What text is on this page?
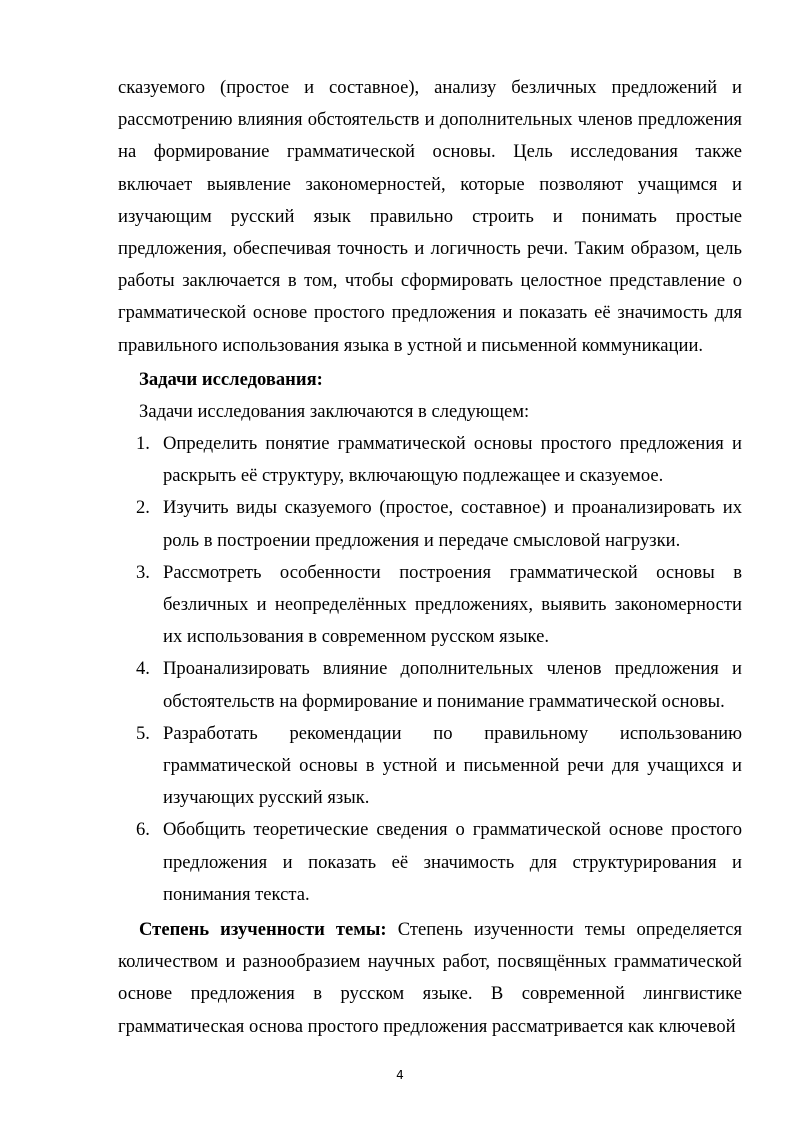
сказуемого (простое и составное), анализу безличных предложений и рассмотрению влияния обстоятельств и дополнительных членов предложения на формирование грамматической основы. Цель исследования также включает выявление закономерностей, которые позволяют учащимся и изучающим русский язык правильно строить и понимать простые предложения, обеспечивая точность и логичность речи. Таким образом, цель работы заключается в том, чтобы сформировать целостное представление о грамматической основе простого предложения и показать её значимость для правильного использования языка в устной и письменной коммуникации.

Задачи исследования:

Задачи исследования заключаются в следующем:

1. Определить понятие грамматической основы простого предложения и раскрыть её структуру, включающую подлежащее и сказуемое.
2. Изучить виды сказуемого (простое, составное) и проанализировать их роль в построении предложения и передаче смысловой нагрузки.
3. Рассмотреть особенности построения грамматической основы в безличных и неопределённых предложениях, выявить закономерности их использования в современном русском языке.
4. Проанализировать влияние дополнительных членов предложения и обстоятельств на формирование и понимание грамматической основы.
5. Разработать рекомендации по правильному использованию грамматической основы в устной и письменной речи для учащихся и изучающих русский язык.
6. Обобщить теоретические сведения о грамматической основе простого предложения и показать её значимость для структурирования и понимания текста.

Степень изученности темы: Степень изученности темы определяется количеством и разнообразием научных работ, посвящённых грамматической основе предложения в русском языке. В современной лингвистике грамматическая основа простого предложения рассматривается как ключевой

4
